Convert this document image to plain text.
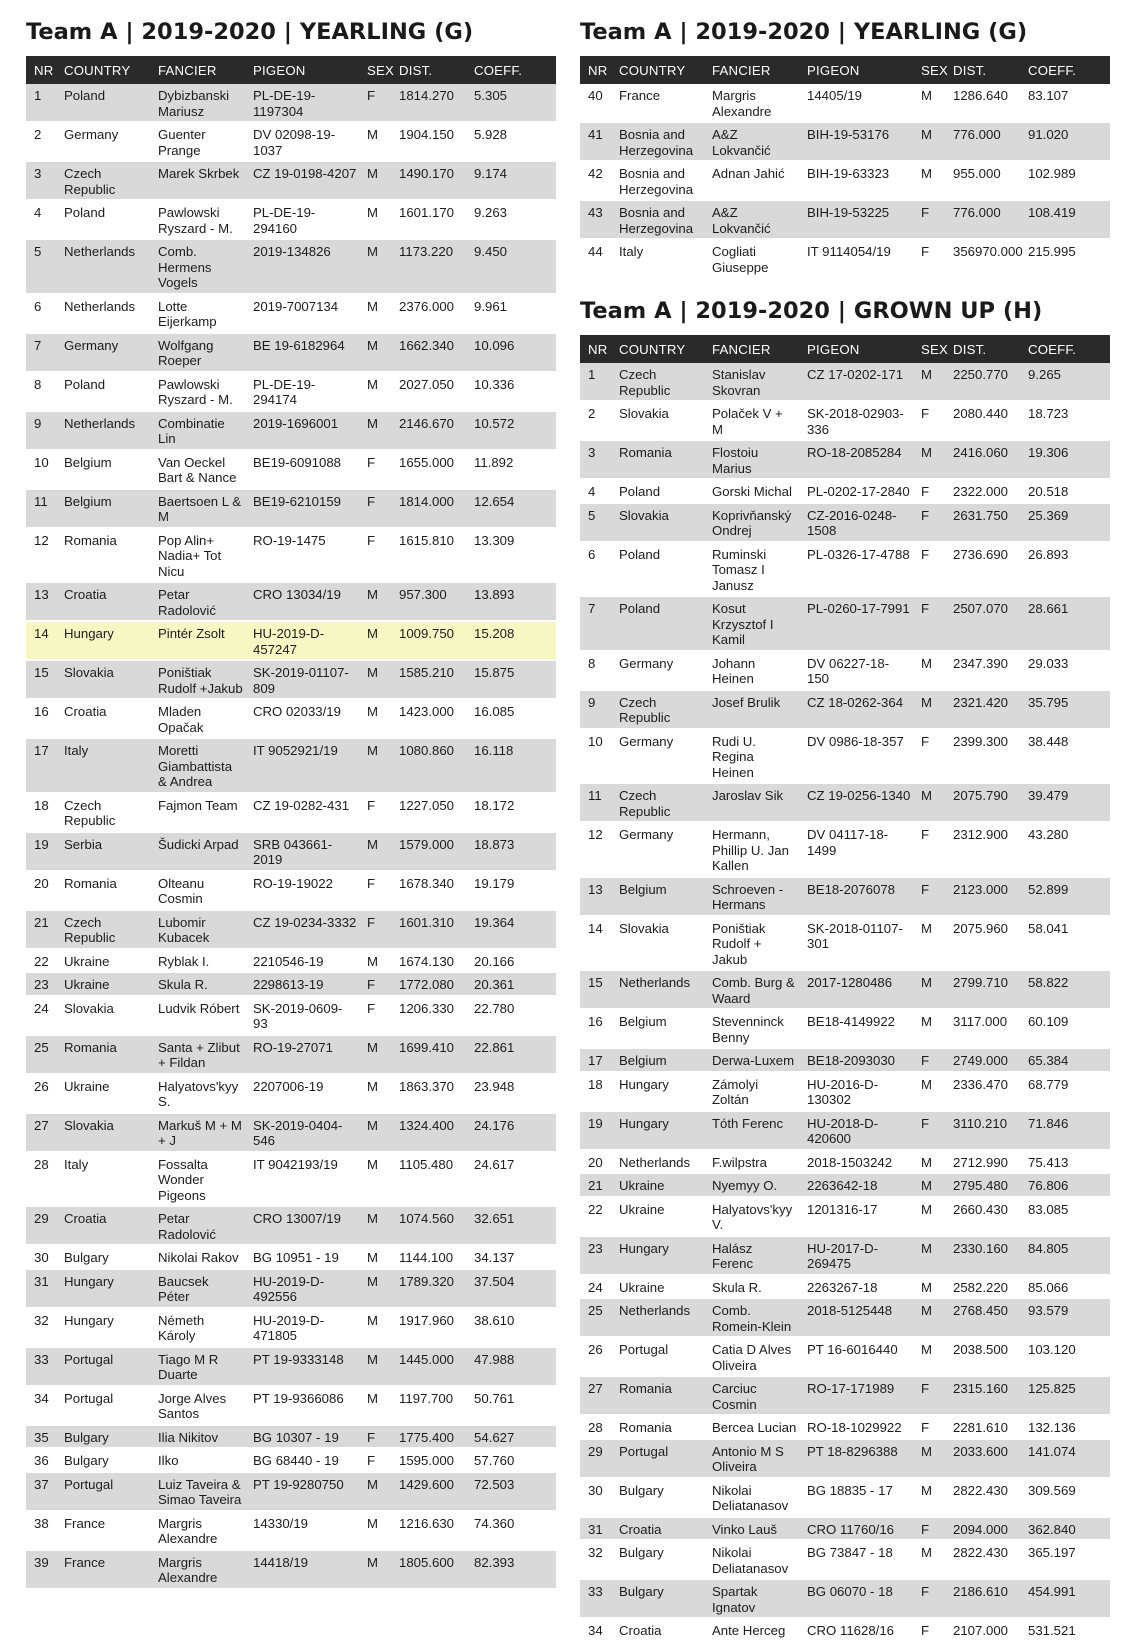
Team A | 2019-2020 | YEARLING (G)
NR	COUNTRY	FANCIER	PIGEON	SEX	DIST.	COEFF.
1	Poland	Dybizbanski Mariusz	PL-DE-19-1197304	F	1814.270	5.305
2	Germany	Guenter Prange	DV 02098-19-1037	M	1904.150	5.928
3	Czech Republic	Marek Skrbek	CZ 19-0198-4207	M	1490.170	9.174
4	Poland	Pawlowski Ryszard - M.	PL-DE-19-294160	M	1601.170	9.263
5	Netherlands	Comb. Hermens Vogels	2019-134826	M	1173.220	9.450
6	Netherlands	Lotte Eijerkamp	2019-7007134	M	2376.000	9.961
7	Germany	Wolfgang Roeper	BE 19-6182964	M	1662.340	10.096
8	Poland	Pawlowski Ryszard - M.	PL-DE-19-294174	M	2027.050	10.336
9	Netherlands	Combinatie Lin	2019-1696001	M	2146.670	10.572
10	Belgium	Van Oeckel Bart & Nance	BE19-6091088	F	1655.000	11.892
11	Belgium	Baertsoen L & M	BE19-6210159	F	1814.000	12.654
12	Romania	Pop Alin+ Nadia+ Tot Nicu	RO-19-1475	F	1615.810	13.309
13	Croatia	Petar Radolović	CRO 13034/19	M	957.300	13.893
14	Hungary	Pintér Zsolt	HU-2019-D-457247	M	1009.750	15.208
15	Slovakia	Poništiak Rudolf +Jakub	SK-2019-01107-809	M	1585.210	15.875
16	Croatia	Mladen Opačak	CRO 02033/19	M	1423.000	16.085
17	Italy	Moretti Giambattista & Andrea	IT 9052921/19	M	1080.860	16.118
18	Czech Republic	Fajmon Team	CZ 19-0282-431	F	1227.050	18.172
19	Serbia	Šudicki Arpad	SRB 043661-2019	M	1579.000	18.873
20	Romania	Olteanu Cosmin	RO-19-19022	F	1678.340	19.179
21	Czech Republic	Lubomir Kubacek	CZ 19-0234-3332	F	1601.310	19.364
22	Ukraine	Ryblak I.	2210546-19	M	1674.130	20.166
23	Ukraine	Skula R.	2298613-19	F	1772.080	20.361
24	Slovakia	Ludvik Róbert	SK-2019-0609-93	F	1206.330	22.780
25	Romania	Santa + Zlibut + Fildan	RO-19-27071	M	1699.410	22.861
26	Ukraine	Halyatovs'kyy S.	2207006-19	M	1863.370	23.948
27	Slovakia	Markuš M + M + J	SK-2019-0404-546	M	1324.400	24.176
28	Italy	Fossalta Wonder Pigeons	IT 9042193/19	M	1105.480	24.617
29	Croatia	Petar Radolović	CRO 13007/19	M	1074.560	32.651
30	Bulgary	Nikolai Rakov	BG 10951 - 19	M	1144.100	34.137
31	Hungary	Baucsek Péter	HU-2019-D-492556	M	1789.320	37.504
32	Hungary	Németh Károly	HU-2019-D-471805	M	1917.960	38.610
33	Portugal	Tiago M R Duarte	PT 19-9333148	M	1445.000	47.988
34	Portugal	Jorge Alves Santos	PT 19-9366086	M	1197.700	50.761
35	Bulgary	Ilia Nikitov	BG 10307 - 19	F	1775.400	54.627
36	Bulgary	Ilko	BG 68440 - 19	F	1595.000	57.760
37	Portugal	Luiz Taveira & Simao Taveira	PT 19-9280750	M	1429.600	72.503
38	France	Margris Alexandre	14330/19	M	1216.630	74.360
39	France	Margris Alexandre	14418/19	M	1805.600	82.393
Team A | 2019-2020 | YEARLING (G)
NR	COUNTRY	FANCIER	PIGEON	SEX	DIST.	COEFF.
40	France	Margris Alexandre	14405/19	M	1286.640	83.107
41	Bosnia and Herzegovina	A&Z Lokvančić	BIH-19-53176	M	776.000	91.020
42	Bosnia and Herzegovina	Adnan Jahić	BIH-19-63323	M	955.000	102.989
43	Bosnia and Herzegovina	A&Z Lokvančić	BIH-19-53225	F	776.000	108.419
44	Italy	Cogliati Giuseppe	IT 9114054/19	F	356970.000	215.995
Team A | 2019-2020 | GROWN UP (H)
NR	COUNTRY	FANCIER	PIGEON	SEX	DIST.	COEFF.
1	Czech Republic	Stanislav Skovran	CZ 17-0202-171	M	2250.770	9.265
2	Slovakia	Polaček V + M	SK-2018-02903-336	F	2080.440	18.723
3	Romania	Flostoiu Marius	RO-18-2085284	M	2416.060	19.306
4	Poland	Gorski Michal	PL-0202-17-2840	F	2322.000	20.518
5	Slovakia	Koprivňanský Ondrej	CZ-2016-0248-1508	F	2631.750	25.369
6	Poland	Ruminski Tomasz I Janusz	PL-0326-17-4788	F	2736.690	26.893
7	Poland	Kosut Krzysztof I Kamil	PL-0260-17-7991	F	2507.070	28.661
8	Germany	Johann Heinen	DV 06227-18-150	M	2347.390	29.033
9	Czech Republic	Josef Brulik	CZ 18-0262-364	M	2321.420	35.795
10	Germany	Rudi U. Regina Heinen	DV 0986-18-357	F	2399.300	38.448
11	Czech Republic	Jaroslav Sik	CZ 19-0256-1340	M	2075.790	39.479
12	Germany	Hermann, Phillip U. Jan Kallen	DV 04117-18-1499	F	2312.900	43.280
13	Belgium	Schroeven - Hermans	BE18-2076078	F	2123.000	52.899
14	Slovakia	Poništiak Rudolf + Jakub	SK-2018-01107-301	M	2075.960	58.041
15	Netherlands	Comb. Burg & Waard	2017-1280486	M	2799.710	58.822
16	Belgium	Stevenninck Benny	BE18-4149922	M	3117.000	60.109
17	Belgium	Derwa-Luxem	BE18-2093030	F	2749.000	65.384
18	Hungary	Zámolyi Zoltán	HU-2016-D-130302	M	2336.470	68.779
19	Hungary	Tóth Ferenc	HU-2018-D-420600	F	3110.210	71.846
20	Netherlands	F.wilpstra	2018-1503242	M	2712.990	75.413
21	Ukraine	Nyemyy O.	2263642-18	M	2795.480	76.806
22	Ukraine	Halyatovs'kyy V.	1201316-17	M	2660.430	83.085
23	Hungary	Halász Ferenc	HU-2017-D-269475	M	2330.160	84.805
24	Ukraine	Skula R.	2263267-18	M	2582.220	85.066
25	Netherlands	Comb. Romein-Klein	2018-5125448	M	2768.450	93.579
26	Portugal	Catia D Alves Oliveira	PT 16-6016440	M	2038.500	103.120
27	Romania	Carciuc Cosmin	RO-17-171989	F	2315.160	125.825
28	Romania	Bercea Lucian	RO-18-1029922	F	2281.610	132.136
29	Portugal	Antonio M S Oliveira	PT 18-8296388	M	2033.600	141.074
30	Bulgary	Nikolai Deliatanasov	BG 18835 - 17	M	2822.430	309.569
31	Croatia	Vinko Lauš	CRO 11760/16	F	2094.000	362.840
32	Bulgary	Nikolai Deliatanasov	BG 73847 - 18	M	2822.430	365.197
33	Bulgary	Spartak Ignatov	BG 06070 - 18	F	2186.610	454.991
34	Croatia	Ante Herceg	CRO 11628/16	F	2107.000	531.521
